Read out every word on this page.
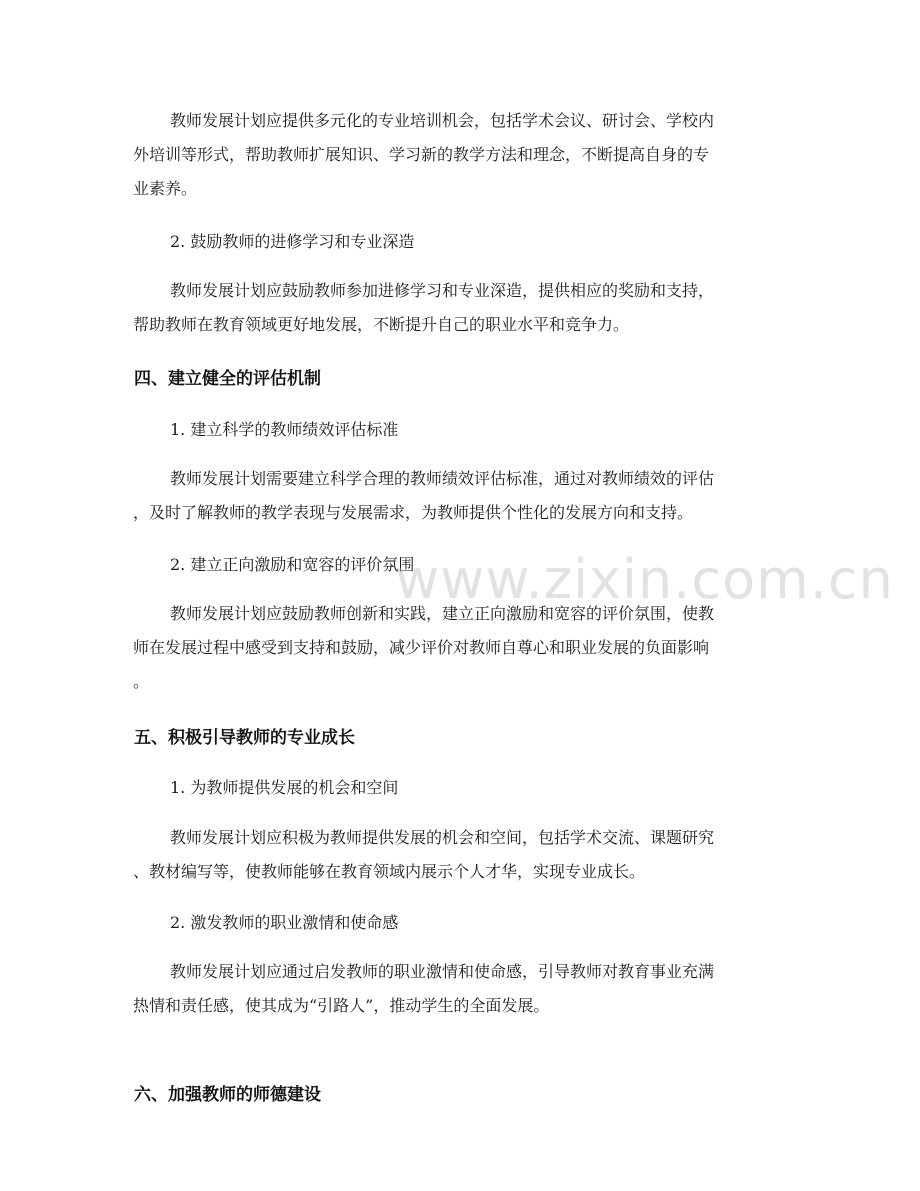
教师发展计划应提供多元化的专业培训机会，包括学术会议、研讨会、学校内
外培训等形式，帮助教师扩展知识、学习新的教学方法和理念，不断提高自身的专
业素养。
2. 鼓励教师的进修学习和专业深造
教师发展计划应鼓励教师参加进修学习和专业深造，提供相应的奖励和支持，
帮助教师在教育领域更好地发展，不断提升自己的职业水平和竞争力。
四、建立健全的评估机制
1. 建立科学的教师绩效评估标准
教师发展计划需要建立科学合理的教师绩效评估标准，通过对教师绩效的评估
，及时了解教师的教学表现与发展需求，为教师提供个性化的发展方向和支持。
2. 建立正向激励和宽容的评价氛围
教师发展计划应鼓励教师创新和实践，建立正向激励和宽容的评价氛围，使教
师在发展过程中感受到支持和鼓励，减少评价对教师自尊心和职业发展的负面影响
。
五、积极引导教师的专业成长
1. 为教师提供发展的机会和空间
教师发展计划应积极为教师提供发展的机会和空间，包括学术交流、课题研究
、教材编写等，使教师能够在教育领域内展示个人才华，实现专业成长。
2. 激发教师的职业激情和使命感
教师发展计划应通过启发教师的职业激情和使命感，引导教师对教育事业充满
热情和责任感，使其成为“引路人”，推动学生的全面发展。
六、加强教师的师德建设
www.zixin.com.cn
